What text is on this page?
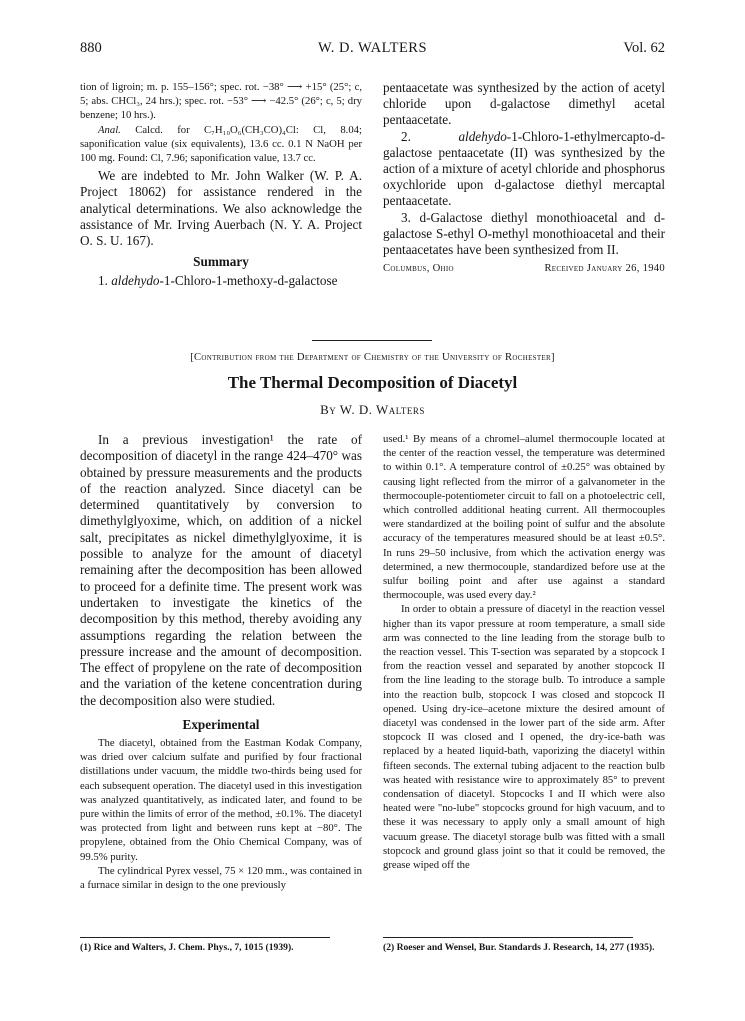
880	W. D. WALTERS	Vol. 62

tion of ligroin; m. p. 155–156°; spec. rot. −38° ⟶ +15° (25°; c, 5; abs. CHCl₃, 24 hrs.); spec. rot. −53° ⟶ −42.5° (26°; c, 5; dry benzene; 10 hrs.).

Anal. Calcd. for C₇H₁₀O₆(CH₃CO)₄Cl: Cl, 8.04; saponification value (six equivalents), 13.6 cc. 0.1 N NaOH per 100 mg. Found: Cl, 7.96; saponification value, 13.7 cc.

We are indebted to Mr. John Walker (W. P. A. Project 18062) for assistance rendered in the analytical determinations. We also acknowledge the assistance of Mr. Irving Auerbach (N. Y. A. Project O. S. U. 167).

Summary

1. aldehydo-1-Chloro-1-methoxy-d-galactose

pentaacetate was synthesized by the action of acetyl chloride upon d-galactose dimethyl acetal pentaacetate.

2. aldehydo-1-Chloro-1-ethylmercapto-d-galactose pentaacetate (II) was synthesized by the action of a mixture of acetyl chloride and phosphorus oxychloride upon d-galactose diethyl mercaptal pentaacetate.

3. d-Galactose diethyl monothioacetal and d-galactose S-ethyl O-methyl monothioacetal and their pentaacetates have been synthesized from II.

Columbus, Ohio	Received January 26, 1940
[Contribution from the Department of Chemistry of the University of Rochester]
The Thermal Decomposition of Diacetyl
By W. D. Walters

In a previous investigation¹ the rate of decomposition of diacetyl in the range 424–470° was obtained by pressure measurements and the products of the reaction analyzed. Since diacetyl can be determined quantitatively by conversion to dimethylglyoxime, which, on addition of a nickel salt, precipitates as nickel dimethylglyoxime, it is possible to analyze for the amount of diacetyl remaining after the decomposition has been allowed to proceed for a definite time. The present work was undertaken to investigate the kinetics of the decomposition by this method, thereby avoiding any assumptions regarding the relation between the pressure increase and the amount of decomposition. The effect of propylene on the rate of decomposition and the variation of the ketene concentration during the decomposition also were studied.

Experimental

The diacetyl, obtained from the Eastman Kodak Company, was dried over calcium sulfate and purified by four fractional distillations under vacuum, the middle two-thirds being used for each subsequent operation. The diacetyl used in this investigation was analyzed quantitatively, as indicated later, and found to be pure within the limits of error of the method, ±0.1%. The diacetyl was protected from light and between runs kept at −80°. The propylene, obtained from the Ohio Chemical Company, was of 99.5% purity.

The cylindrical Pyrex vessel, 75 × 120 mm., was contained in a furnace similar in design to the one previously

used.¹ By means of a chromel–alumel thermocouple located at the center of the reaction vessel, the temperature was determined to within 0.1°. A temperature control of ±0.25° was obtained by causing light reflected from the mirror of a galvanometer in the thermocouple-potentiometer circuit to fall on a photoelectric cell, which controlled additional heating current. All thermocouples were standardized at the boiling point of sulfur and the absolute accuracy of the temperatures measured should be at least ±0.5°. In runs 29–50 inclusive, from which the activation energy was determined, a new thermocouple, standardized before use at the sulfur boiling point and after use against a standard thermocouple, was used every day.²

In order to obtain a pressure of diacetyl in the reaction vessel higher than its vapor pressure at room temperature, a small side arm was connected to the line leading from the storage bulb to the reaction vessel. This T-section was separated by a stopcock I from the reaction vessel and separated by another stopcock II from the line leading to the storage bulb. To introduce a sample into the reaction bulb, stopcock I was closed and stopcock II opened. Using dry-ice–acetone mixture the desired amount of diacetyl was condensed in the lower part of the side arm. After stopcock II was closed and I opened, the dry-ice-bath was replaced by a heated liquid-bath, vaporizing the diacetyl within fifteen seconds. The external tubing adjacent to the reaction bulb was heated with resistance wire to approximately 85° to prevent condensation of diacetyl. Stopcocks I and II which were also heated were "no-lube" stopcocks ground for high vacuum, and to these it was necessary to apply only a small amount of high vacuum grease. The diacetyl storage bulb was fitted with a small stopcock and ground glass joint so that it could be removed, the grease wiped off the

(1) Rice and Walters, J. Chem. Phys., 7, 1015 (1939).	(2) Roeser and Wensel, Bur. Standards J. Research, 14, 277 (1935).
